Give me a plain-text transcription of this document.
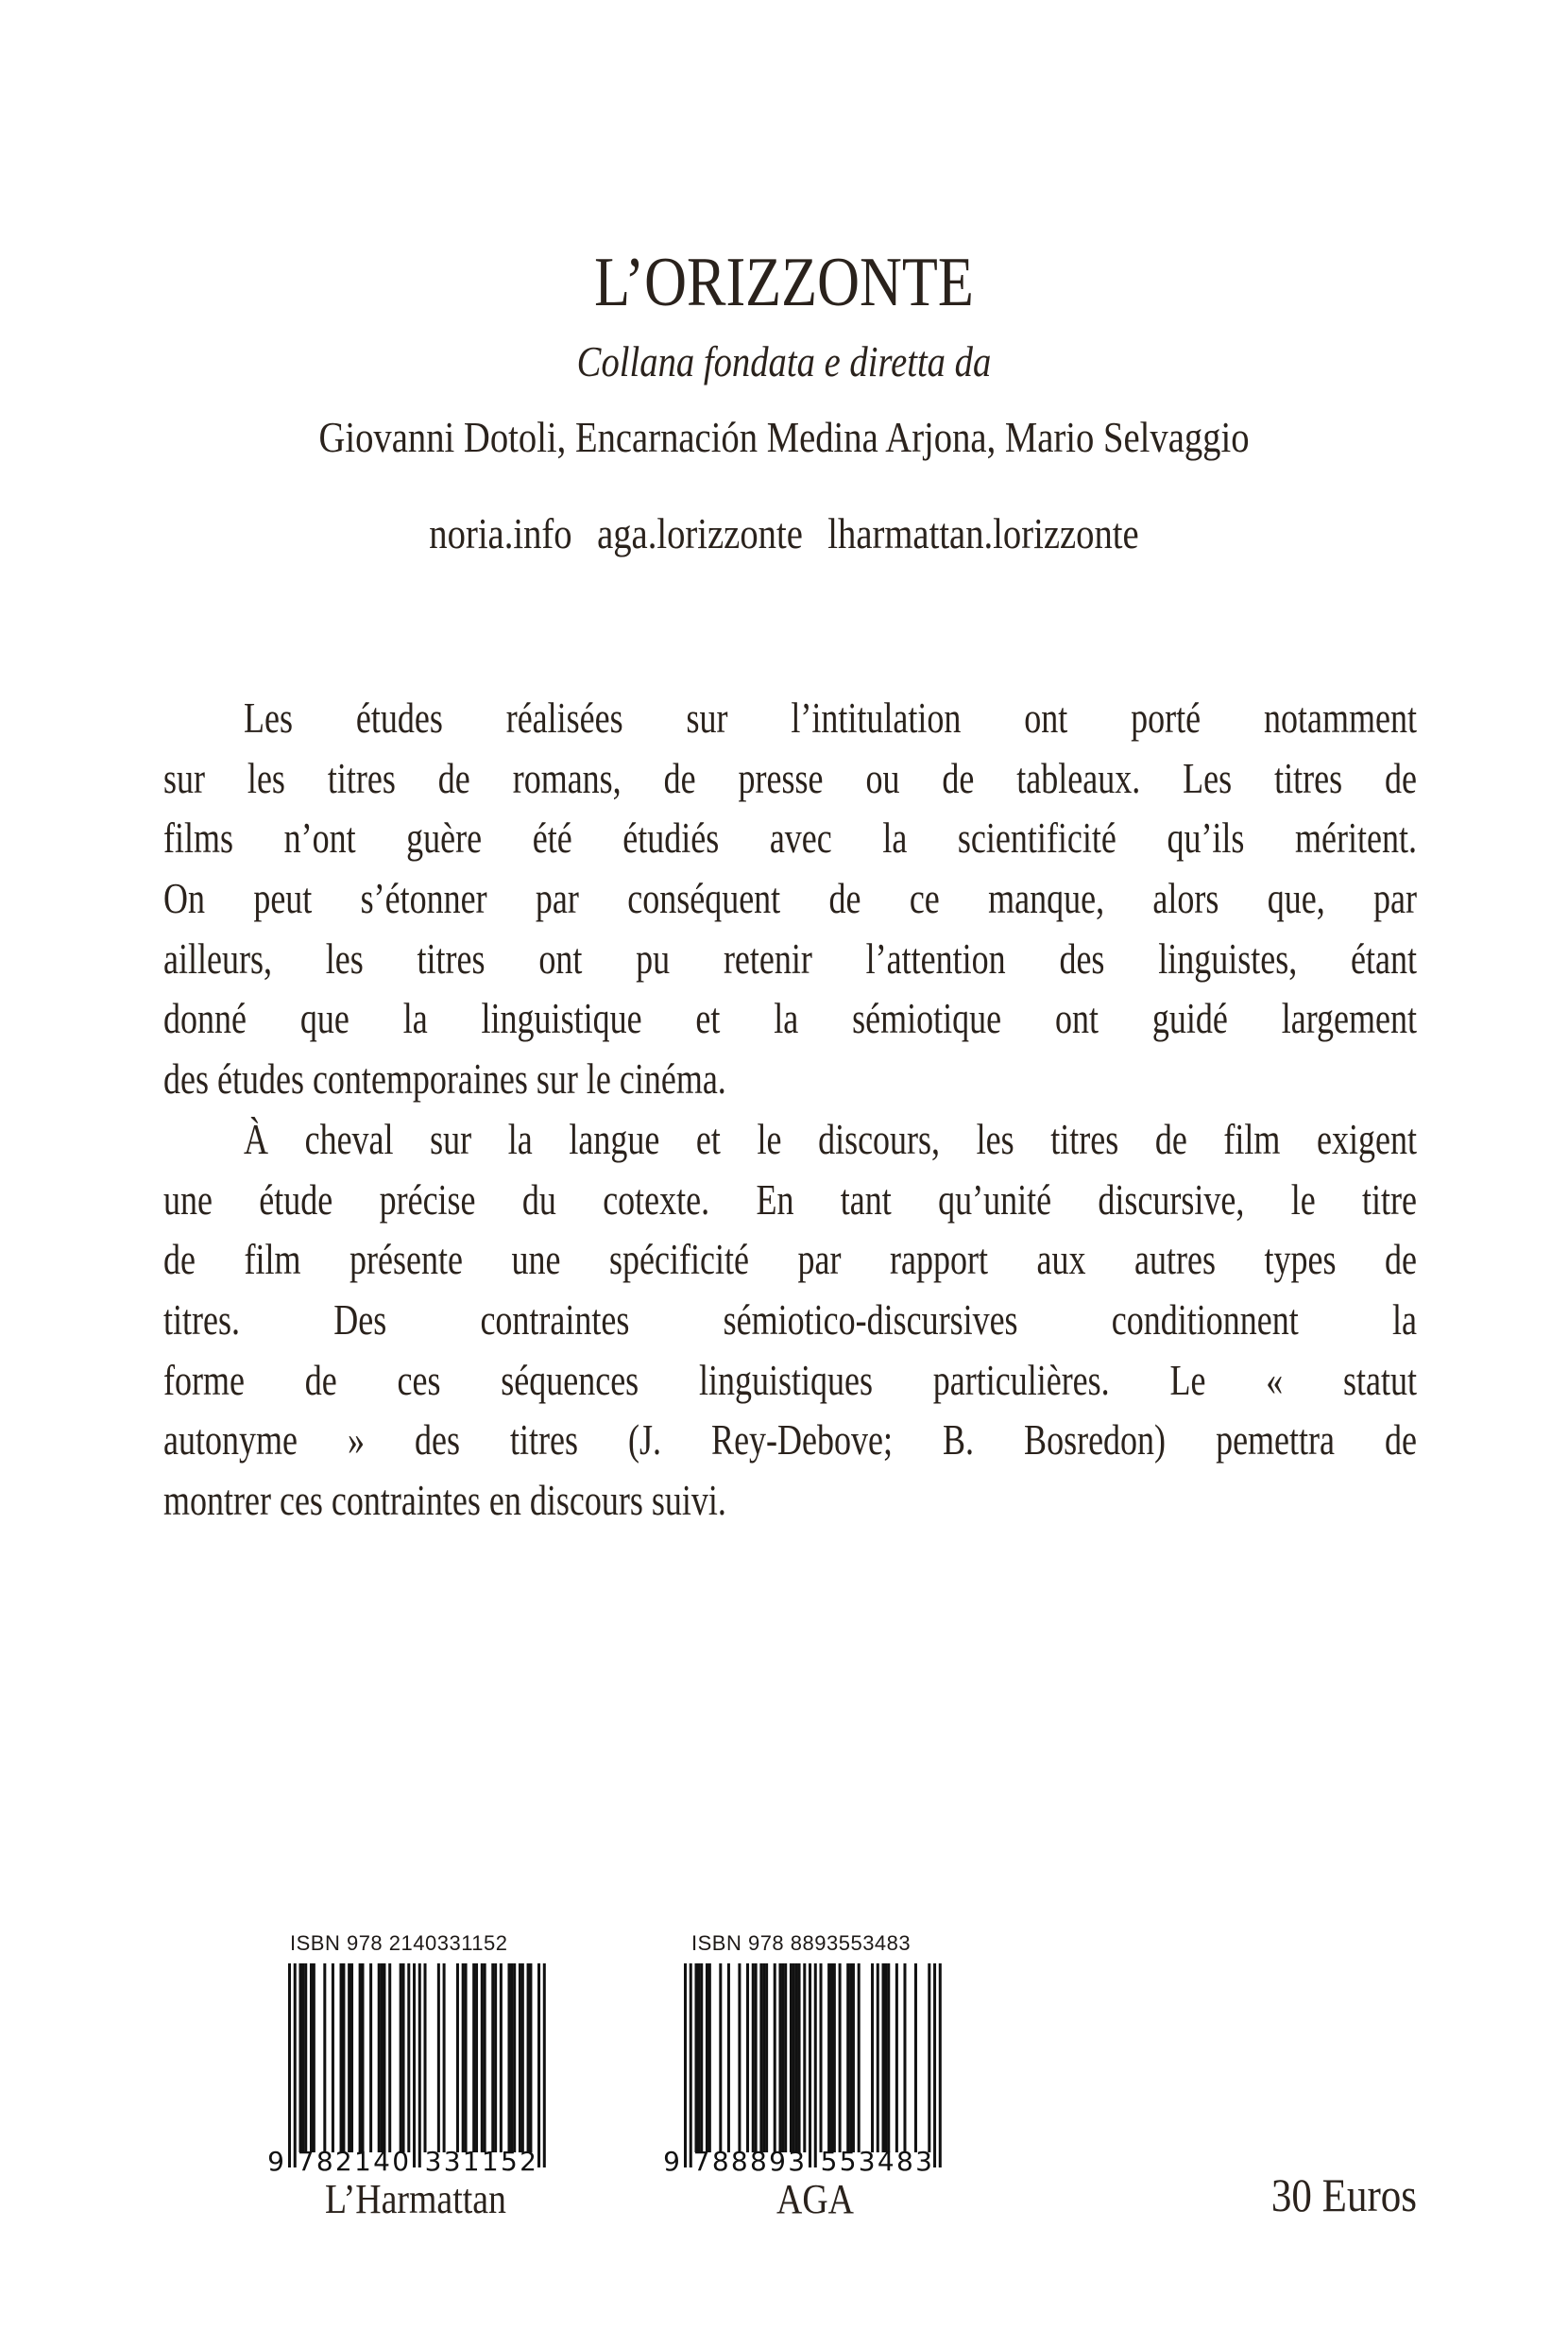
L’ORIZZONTE
Collana fondata e diretta da
Giovanni Dotoli, Encarnación Medina Arjona, Mario Selvaggio
noria.info aga.lorizzonte lharmattan.lorizzonte
Les études réalisées sur l’intitulation ont porté notamment
sur les titres de romans, de presse ou de tableaux. Les titres de
films n’ont guère été étudiés avec la scientificité qu’ils méritent.
On peut s’étonner par conséquent de ce manque, alors que, par
ailleurs, les titres ont pu retenir l’attention des linguistes, étant
donné que la linguistique et la sémiotique ont guidé largement
des études contemporaines sur le cinéma.
À cheval sur la langue et le discours, les titres de film exigent
une étude précise du cotexte. En tant qu’unité discursive, le titre
de film présente une spécificité par rapport aux autres types de
titres. Des contraintes sémiotico-discursives conditionnent la
forme de ces séquences linguistiques particulières. Le « statut
autonyme » des titres (J. Rey-Debove; B. Bosredon) pemettra de
montrer ces contraintes en discours suivi.
ISBN 978 2140331152
9 7 8 2 1 4 0 3 3 1 1 5 2
L’Harmattan
ISBN 978 8893553483
9 7 8 8 8 9 3 5 5 3 4 8 3
AGA	30 Euros
